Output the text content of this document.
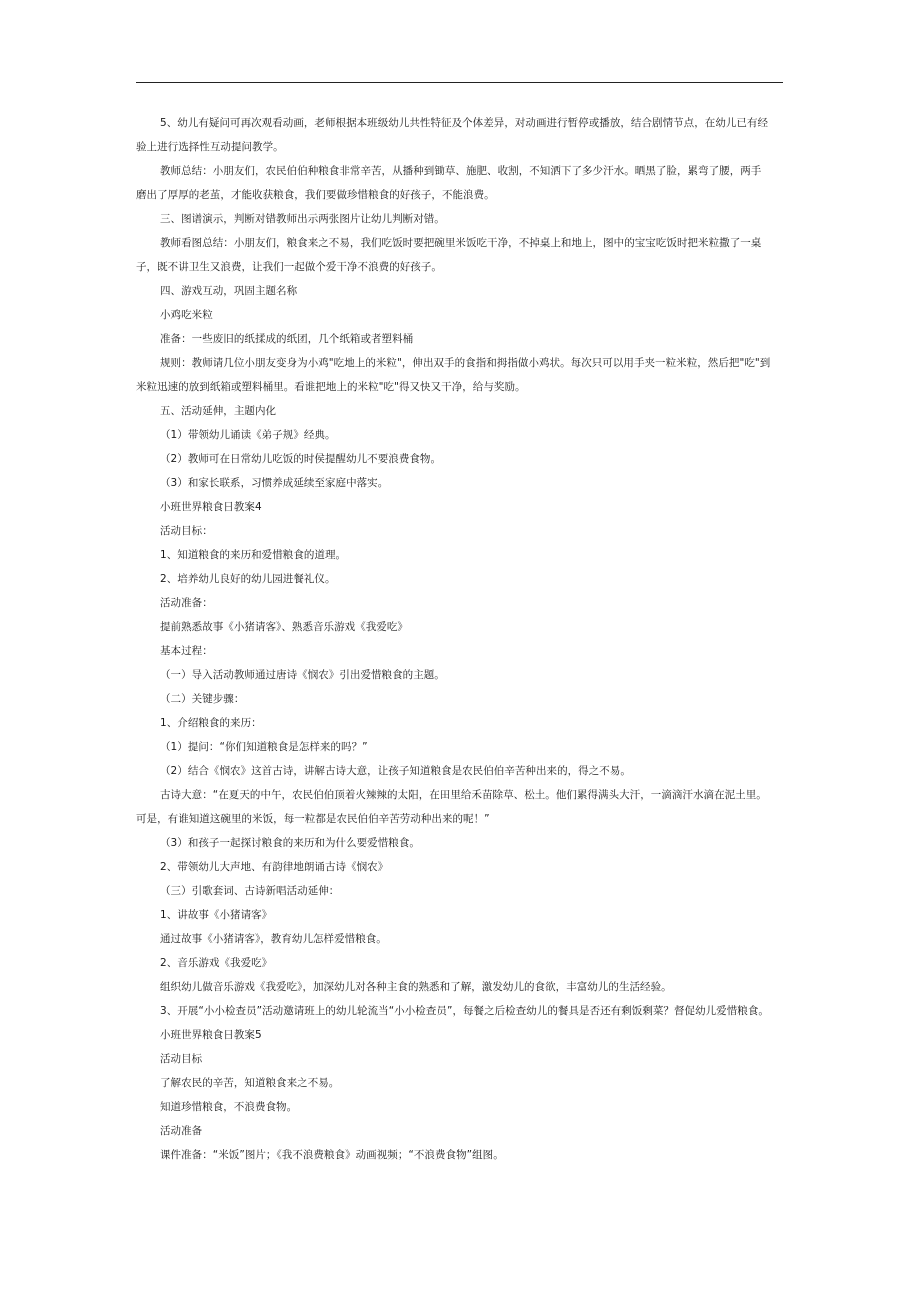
5、幼儿有疑问可再次观看动画，老师根据本班级幼儿共性特征及个体差异，对动画进行暂停或播放，结合剧情节点，在幼儿已有经

验上进行选择性互动提问教学。

教师总结：小朋友们，农民伯伯种粮食非常辛苦，从播种到锄草、施肥、收割，不知洒下了多少汗水。晒黑了脸，累弯了腰，两手

磨出了厚厚的老茧，才能收获粮食，我们要做珍惜粮食的好孩子，不能浪费。

三、图谱演示，判断对错教师出示两张图片让幼儿判断对错。

教师看图总结：小朋友们，粮食来之不易，我们吃饭时要把碗里米饭吃干净，不掉桌上和地上，图中的宝宝吃饭时把米粒撒了一桌

子，既不讲卫生又浪费，让我们一起做个爱干净不浪费的好孩子。

四、游戏互动，巩固主题名称

小鸡吃米粒

准备：一些废旧的纸揉成的纸团，几个纸箱或者塑料桶

规则：教师请几位小朋友变身为小鸡"吃地上的米粒"，伸出双手的食指和拇指做小鸡状。每次只可以用手夹一粒米粒，然后把"吃"到

米粒迅速的放到纸箱或塑料桶里。看谁把地上的米粒"吃"得又快又干净，给与奖励。

五、活动延伸，主题内化

（1）带领幼儿诵读《弟子规》经典。

（2）教师可在日常幼儿吃饭的时侯提醒幼儿不要浪费食物。

（3）和家长联系，习惯养成延续至家庭中落实。

小班世界粮食日教案4

活动目标：

1、知道粮食的来历和爱惜粮食的道理。

2、培养幼儿良好的幼儿园进餐礼仪。

活动准备：

提前熟悉故事《小猪请客》、熟悉音乐游戏《我爱吃》

基本过程：

（一）导入活动教师通过唐诗《悯农》引出爱惜粮食的主题。

（二）关键步骤：

1、介绍粮食的来历：

（1）提问：“你们知道粮食是怎样来的吗？”

（2）结合《悯农》这首古诗，讲解古诗大意，让孩子知道粮食是农民伯伯辛苦种出来的，得之不易。

古诗大意：“在夏天的中午，农民伯伯顶着火辣辣的太阳，在田里给禾苗除草、松土。他们累得满头大汗，一滴滴汗水滴在泥土里。

可是，有谁知道这碗里的米饭，每一粒都是农民伯伯辛苦劳动种出来的呢！”

（3）和孩子一起探讨粮食的来历和为什么要爱惜粮食。

2、带领幼儿大声地、有韵律地朗诵古诗《悯农》

（三）引歌套词、古诗新唱活动延伸：

1、讲故事《小猪请客》

通过故事《小猪请客》，教育幼儿怎样爱惜粮食。

2、音乐游戏《我爱吃》

组织幼儿做音乐游戏《我爱吃》，加深幼儿对各种主食的熟悉和了解，激发幼儿的食欲，丰富幼儿的生活经验。

3、开展“小小检查员”活动邀请班上的幼儿轮流当“小小检查员”，每餐之后检查幼儿的餐具是否还有剩饭剩菜？督促幼儿爱惜粮食。

小班世界粮食日教案5

活动目标

了解农民的辛苦，知道粮食来之不易。

知道珍惜粮食，不浪费食物。

活动准备

课件准备：“米饭”图片；《我不浪费粮食》动画视频；“不浪费食物”组图。
